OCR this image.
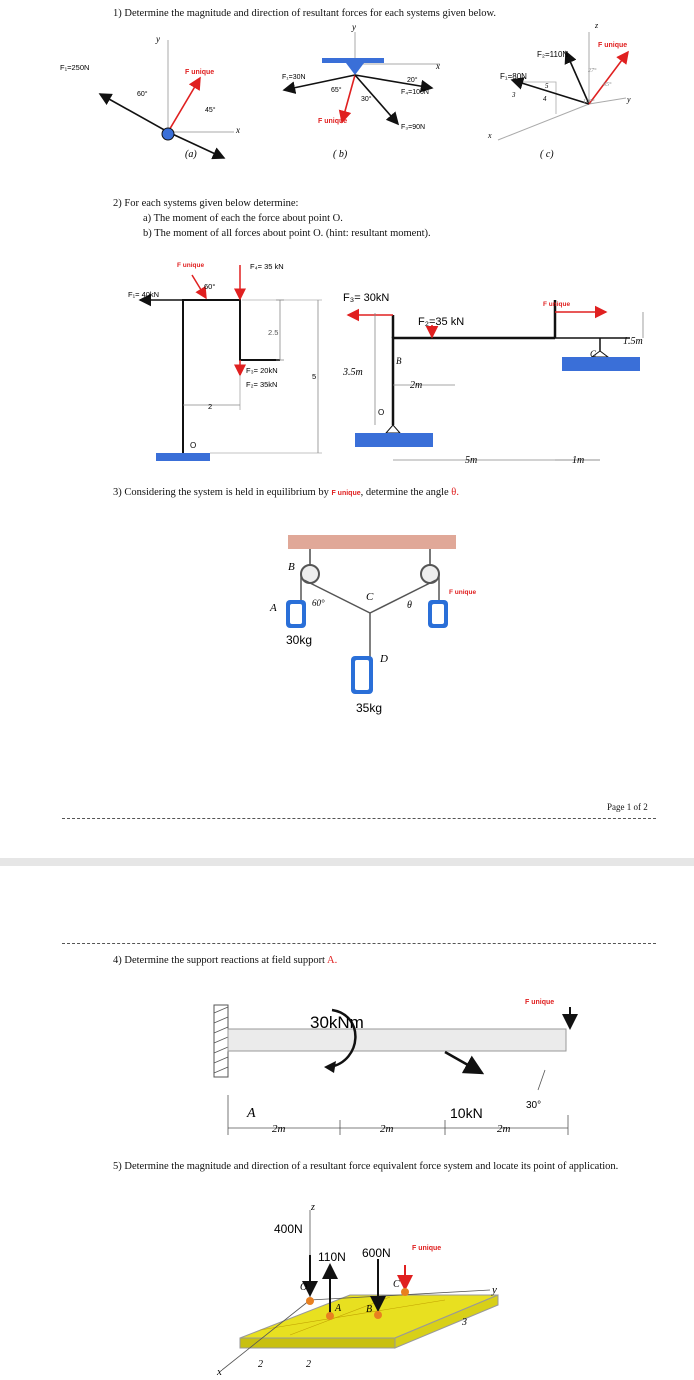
1) Determine the magnitude and direction of resultant forces for each systems given below.
y
x
F₁=250N
F unique
60°
45°
y
x
F₁=30N
65°
30°
20°
F₄=100N
F unique
F₃=90N
z
y
x
F₂=110N
F unique
F₁=80N
27°
65°
100°
5
3	4
(a)	( b)	( c)
2) For each systems given below determine:
a) The moment of each the force about point O.
b) The moment of all forces about point O. (hint: resultant moment).
F unique
60°
F₄= 35 kN
F₁= 40kN
2.5
F₃= 20kN
F₂= 35kN
5
2
O
F₃= 30kN
F₂=35 kN
F unique
1.5m
B
C
3.5m
2m
O
5m	1m
3) Considering the system is held in equilibrium by F unique, determine the angle θ.
B
A
C
D
60°	θ
30kg
35kg
F unique
Page 1 of 2
4) Determine the support reactions at field support A.
30kNm
F unique
A
2m	2m	2m
10kN	30°
5) Determine the magnitude and direction of a resultant force equivalent force system and locate its point of application.
z
400N
110N 600N	F unique
O
A B
C
3
y
x
2	2
